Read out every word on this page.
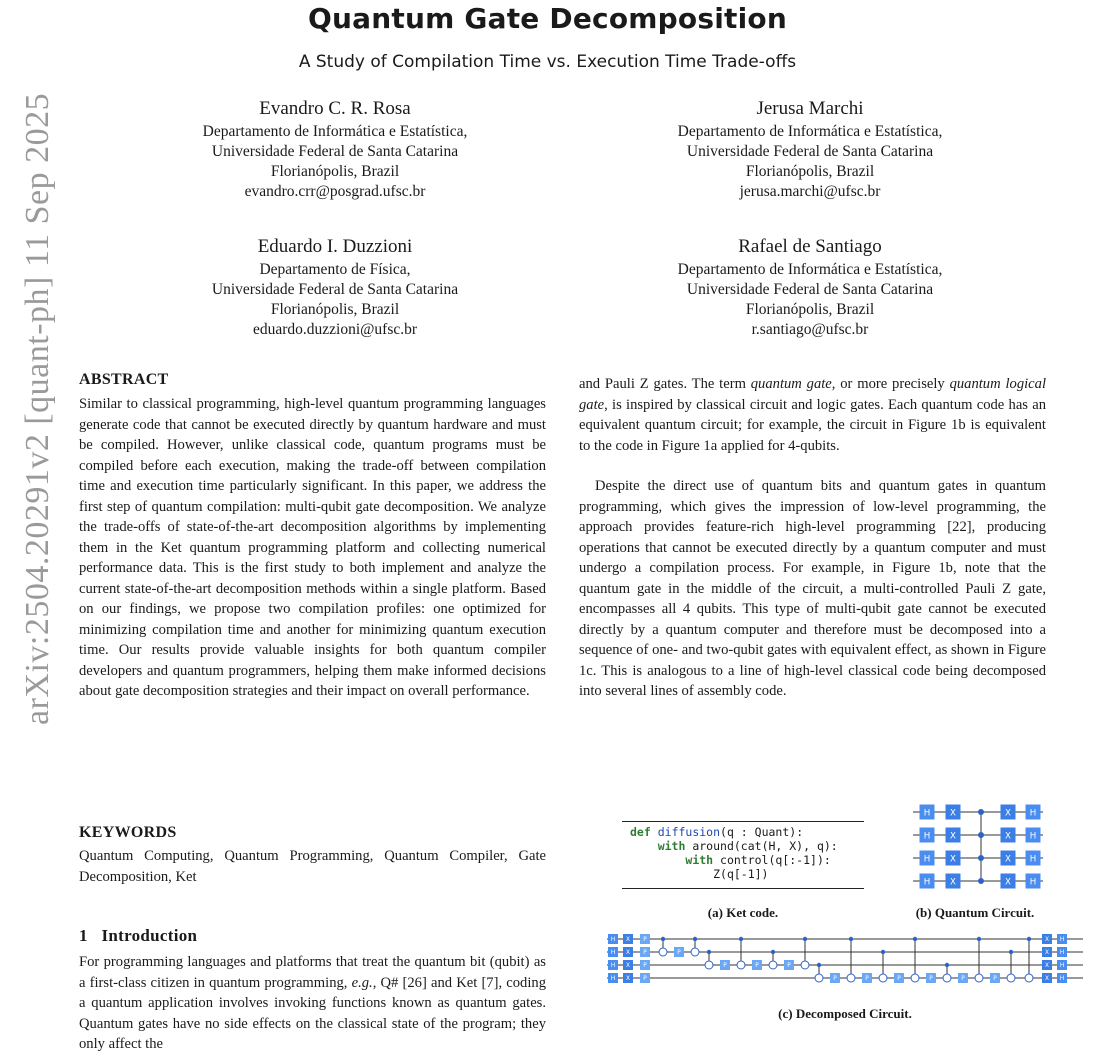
Quantum Gate Decomposition
A Study of Compilation Time vs. Execution Time Trade-offs
arXiv:2504.20291v2 [quant-ph] 11 Sep 2025	Evandro C. R. Rosa
Departamento de Informática e Estatística,
Universidade Federal de Santa Catarina
Florianópolis, Brazil
evandro.crr@posgrad.ufsc.br
Jerusa Marchi
Departamento de Informática e Estatística,
Universidade Federal de Santa Catarina
Florianópolis, Brazil
jerusa.marchi@ufsc.br
Eduardo I. Duzzioni
Departamento de Física,
Universidade Federal de Santa Catarina
Florianópolis, Brazil
eduardo.duzzioni@ufsc.br
Rafael de Santiago
Departamento de Informática e Estatística,
Universidade Federal de Santa Catarina
Florianópolis, Brazil
r.santiago@ufsc.br
ABSTRACT
Similar to classical programming, high-level quantum programming languages generate code that cannot be executed directly by quantum hardware and must be compiled. However, unlike classical code, quantum programs must be compiled before each execution, making the trade-off between compilation time and execution time particularly significant. In this paper, we address the first step of quantum compilation: multi-qubit gate decomposition. We analyze the trade-offs of state-of-the-art decomposition algorithms by implementing them in the Ket quantum programming platform and collecting numerical performance data. This is the first study to both implement and analyze the current state-of-the-art decomposition methods within a single platform. Based on our findings, we propose two compilation profiles: one optimized for minimizing compilation time and another for minimizing quantum execution time. Our results provide valuable insights for both quantum compiler developers and quantum programmers, helping them make informed decisions about gate decomposition strategies and their impact on overall performance.
KEYWORDS
Quantum Computing, Quantum Programming, Quantum Compiler, Gate Decomposition, Ket
1   Introduction
For programming languages and platforms that treat the quantum bit (qubit) as a first-class citizen in quantum programming, e.g., Q# [26] and Ket [7], coding a quantum application involves invoking functions known as quantum gates. Quantum gates have no side effects on the classical state of the program; they only affect the
and Pauli Z gates. The term quantum gate, or more precisely quantum logical gate, is inspired by classical circuit and logic gates. Each quantum code has an equivalent quantum circuit; for example, the circuit in Figure 1b is equivalent to the code in Figure 1a applied for 4-qubits.
Despite the direct use of quantum bits and quantum gates in quantum programming, which gives the impression of low-level programming, the approach provides feature-rich high-level programming [22], producing operations that cannot be executed directly by a quantum computer and must undergo a compilation process. For example, in Figure 1b, note that the quantum gate in the middle of the circuit, a multi-controlled Pauli Z gate, encompasses all 4 qubits. This type of multi-qubit gate cannot be executed directly by a quantum computer and therefore must be decomposed into a sequence of one- and two-qubit gates with equivalent effect, as shown in Figure 1c. This is analogous to a line of high-level classical code being decomposed into several lines of assembly code.
def diffusion(q : Quant):
with around(cat(H, X), q):
with control(q[:-1]):
Z(q[-1])
(a) Ket code.
H X	X H
H X	X H
H X	X H
H X	X H
(b) Quantum Circuit.
H X P	X H
H X P	X H
H X P	X H
H X P	X H
P
P	P	P
P	P	P	P	P	P
(c) Decomposed Circuit.
